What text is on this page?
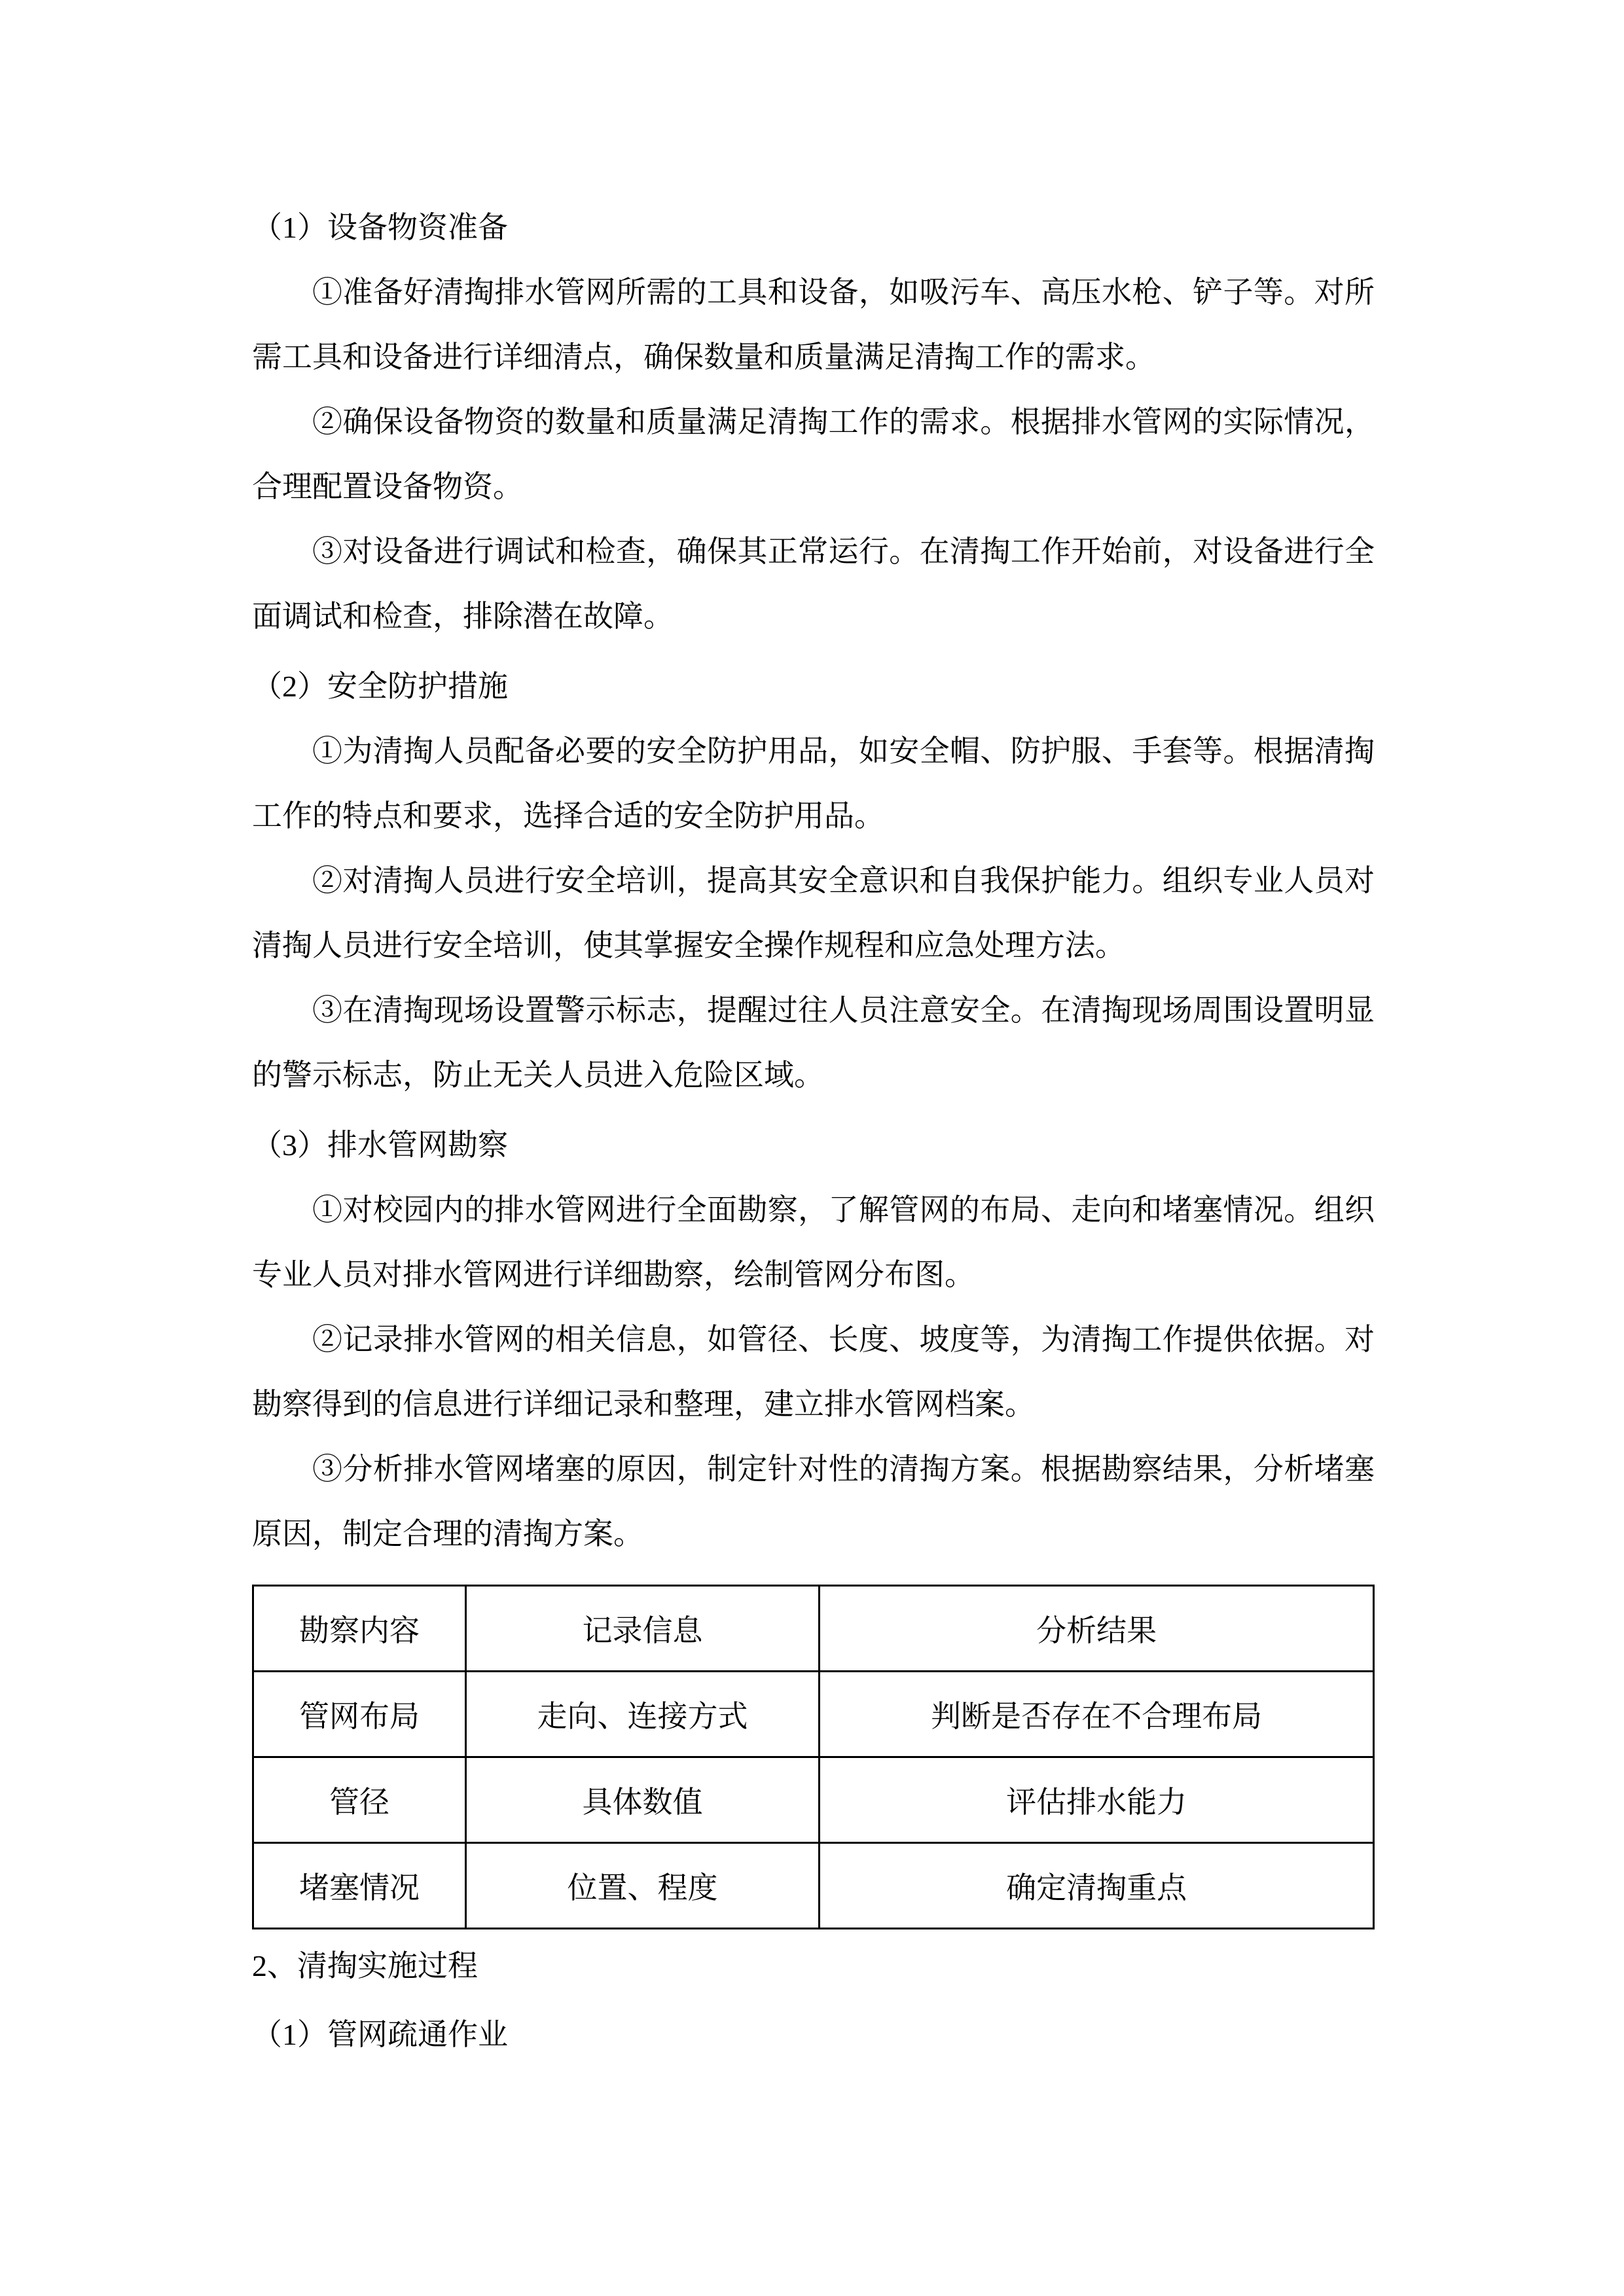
（1）设备物资准备
①准备好清掏排水管网所需的工具和设备，如吸污车、高压水枪、铲子等。对所需工具和设备进行详细清点，确保数量和质量满足清掏工作的需求。
②确保设备物资的数量和质量满足清掏工作的需求。根据排水管网的实际情况，合理配置设备物资。
③对设备进行调试和检查，确保其正常运行。在清掏工作开始前，对设备进行全面调试和检查，排除潜在故障。
（2）安全防护措施
①为清掏人员配备必要的安全防护用品，如安全帽、防护服、手套等。根据清掏工作的特点和要求，选择合适的安全防护用品。
②对清掏人员进行安全培训，提高其安全意识和自我保护能力。组织专业人员对清掏人员进行安全培训，使其掌握安全操作规程和应急处理方法。
③在清掏现场设置警示标志，提醒过往人员注意安全。在清掏现场周围设置明显的警示标志，防止无关人员进入危险区域。
（3）排水管网勘察
①对校园内的排水管网进行全面勘察，了解管网的布局、走向和堵塞情况。组织专业人员对排水管网进行详细勘察，绘制管网分布图。
②记录排水管网的相关信息，如管径、长度、坡度等，为清掏工作提供依据。对勘察得到的信息进行详细记录和整理，建立排水管网档案。
③分析排水管网堵塞的原因，制定针对性的清掏方案。根据勘察结果，分析堵塞原因，制定合理的清掏方案。
勘察内容	记录信息	分析结果
管网布局	走向、连接方式	判断是否存在不合理布局
管径	具体数值	评估排水能力
堵塞情况	位置、程度	确定清掏重点
2、清掏实施过程
（1）管网疏通作业
